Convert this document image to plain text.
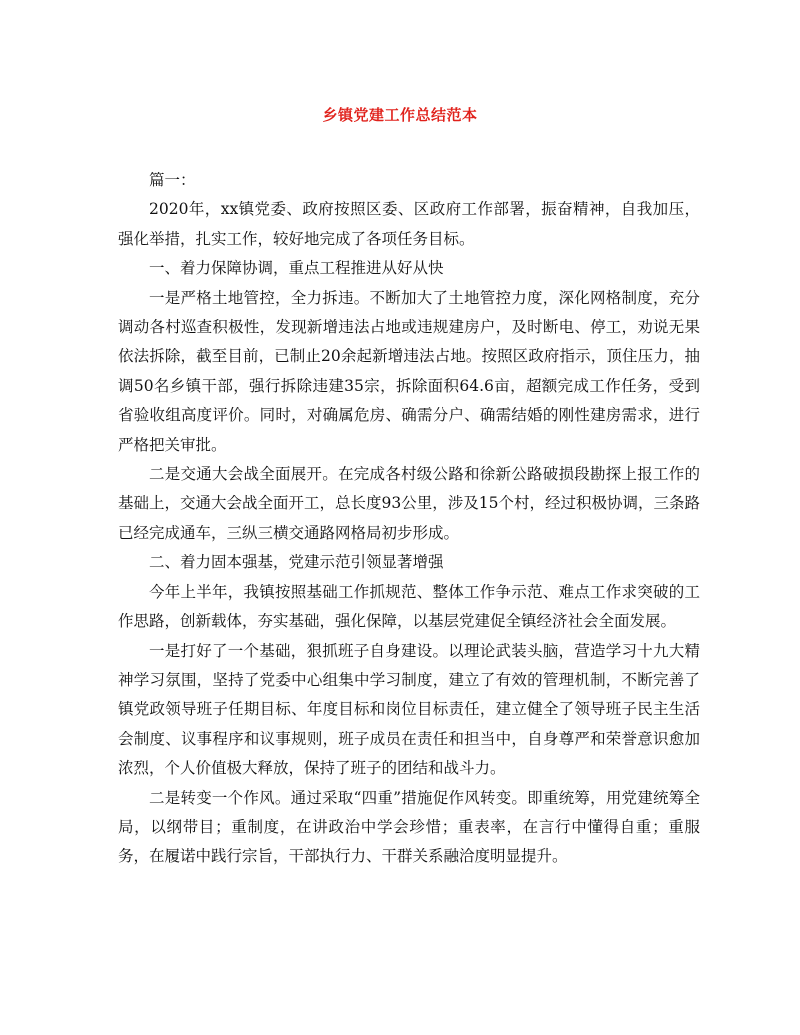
乡镇党建工作总结范本

篇一：

2020年，xx镇党委、政府按照区委、区政府工作部署，振奋精神，自我加压，强化举措，扎实工作，较好地完成了各项任务目标。

一、着力保障协调，重点工程推进从好从快

一是严格土地管控，全力拆违。不断加大了土地管控力度，深化网格制度，充分调动各村巡查积极性，发现新增违法占地或违规建房户，及时断电、停工，劝说无果依法拆除，截至目前，已制止20余起新增违法占地。按照区政府指示，顶住压力，抽调50名乡镇干部，强行拆除违建35宗，拆除面积64.6亩，超额完成工作任务，受到省验收组高度评价。同时，对确属危房、确需分户、确需结婚的刚性建房需求，进行严格把关审批。

二是交通大会战全面展开。在完成各村级公路和徐新公路破损段勘探上报工作的基础上，交通大会战全面开工，总长度93公里，涉及15个村，经过积极协调，三条路已经完成通车，三纵三横交通路网格局初步形成。

二、着力固本强基，党建示范引领显著增强

今年上半年，我镇按照基础工作抓规范、整体工作争示范、难点工作求突破的工作思路，创新载体，夯实基础，强化保障，以基层党建促全镇经济社会全面发展。

一是打好了一个基础，狠抓班子自身建设。以理论武装头脑，营造学习十九大精神学习氛围，坚持了党委中心组集中学习制度，建立了有效的管理机制，不断完善了镇党政领导班子任期目标、年度目标和岗位目标责任，建立健全了领导班子民主生活会制度、议事程序和议事规则，班子成员在责任和担当中，自身尊严和荣誉意识愈加浓烈，个人价值极大释放，保持了班子的团结和战斗力。

二是转变一个作风。通过采取“四重”措施促作风转变。即重统筹，用党建统筹全局，以纲带目；重制度，在讲政治中学会珍惜；重表率，在言行中懂得自重；重服务，在履诺中践行宗旨，干部执行力、干群关系融洽度明显提升。
